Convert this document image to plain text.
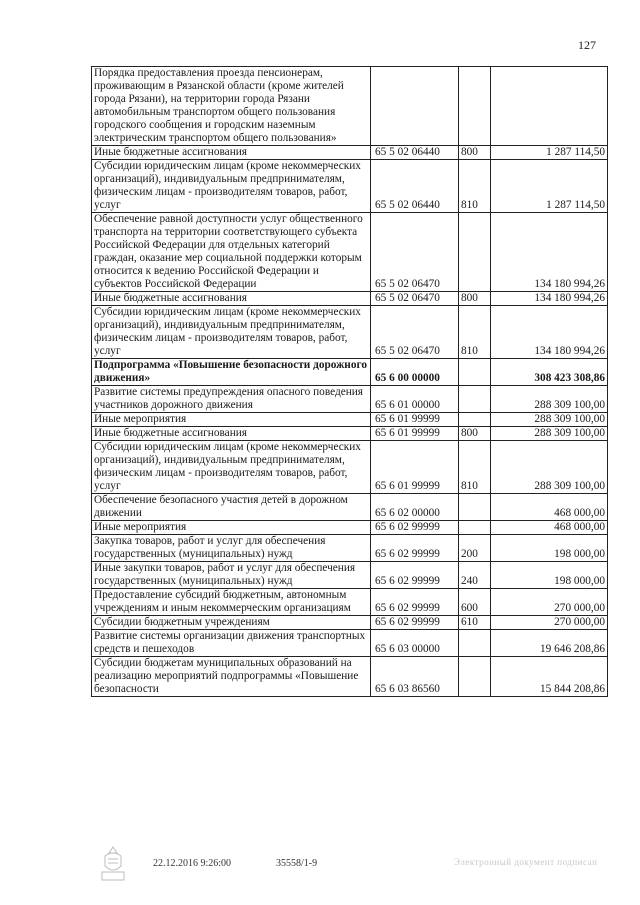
127
Порядка предоставления проезда пенсионерам, проживающим в Рязанской области (кроме жителей города Рязани), на территории города Рязани автомобильным транспортом общего пользования городского сообщения и городским наземным электрическим транспортом общего пользования»			
Иные бюджетные ассигнования	65 5 02 06440	800	1 287 114,50
Субсидии юридическим лицам (кроме некоммерческих организаций), индивидуальным предпринимателям, физическим лицам - производителям товаров, работ, услуг	65 5 02 06440	810	1 287 114,50
Обеспечение равной доступности услуг общественного транспорта на территории соответствующего субъекта Российской Федерации для отдельных категорий граждан, оказание мер социальной поддержки которым относится к ведению Российской Федерации и субъектов Российской Федерации	65 5 02 06470		134 180 994,26
Иные бюджетные ассигнования	65 5 02 06470	800	134 180 994,26
Субсидии юридическим лицам (кроме некоммерческих организаций), индивидуальным предпринимателям, физическим лицам - производителям товаров, работ, услуг	65 5 02 06470	810	134 180 994,26
Подпрограмма «Повышение безопасности дорожного движения»	65 6 00 00000		308 423 308,86
Развитие системы предупреждения опасного поведения участников дорожного движения	65 6 01 00000		288 309 100,00
Иные мероприятия	65 6 01 99999		288 309 100,00
Иные бюджетные ассигнования	65 6 01 99999	800	288 309 100,00
Субсидии юридическим лицам (кроме некоммерческих организаций), индивидуальным предпринимателям, физическим лицам - производителям товаров, работ, услуг	65 6 01 99999	810	288 309 100,00
Обеспечение безопасного участия детей в дорожном движении	65 6 02 00000		468 000,00
Иные мероприятия	65 6 02 99999		468 000,00
Закупка товаров, работ и услуг для обеспечения государственных (муниципальных) нужд	65 6 02 99999	200	198 000,00
Иные закупки товаров, работ и услуг для обеспечения государственных (муниципальных) нужд	65 6 02 99999	240	198 000,00
Предоставление субсидий бюджетным, автономным учреждениям и иным некоммерческим организациям	65 6 02 99999	600	270 000,00
Субсидии бюджетным учреждениям	65 6 02 99999	610	270 000,00
Развитие системы организации движения транспортных средств и пешеходов	65 6 03 00000		19 646 208,86
Субсидии бюджетам муниципальных образований на реализацию мероприятий подпрограммы «Повышение безопасности	65 6 03 86560		15 844 208,86
22.12.2016 9:26:00	35558/1-9	Электронный документ подписан
